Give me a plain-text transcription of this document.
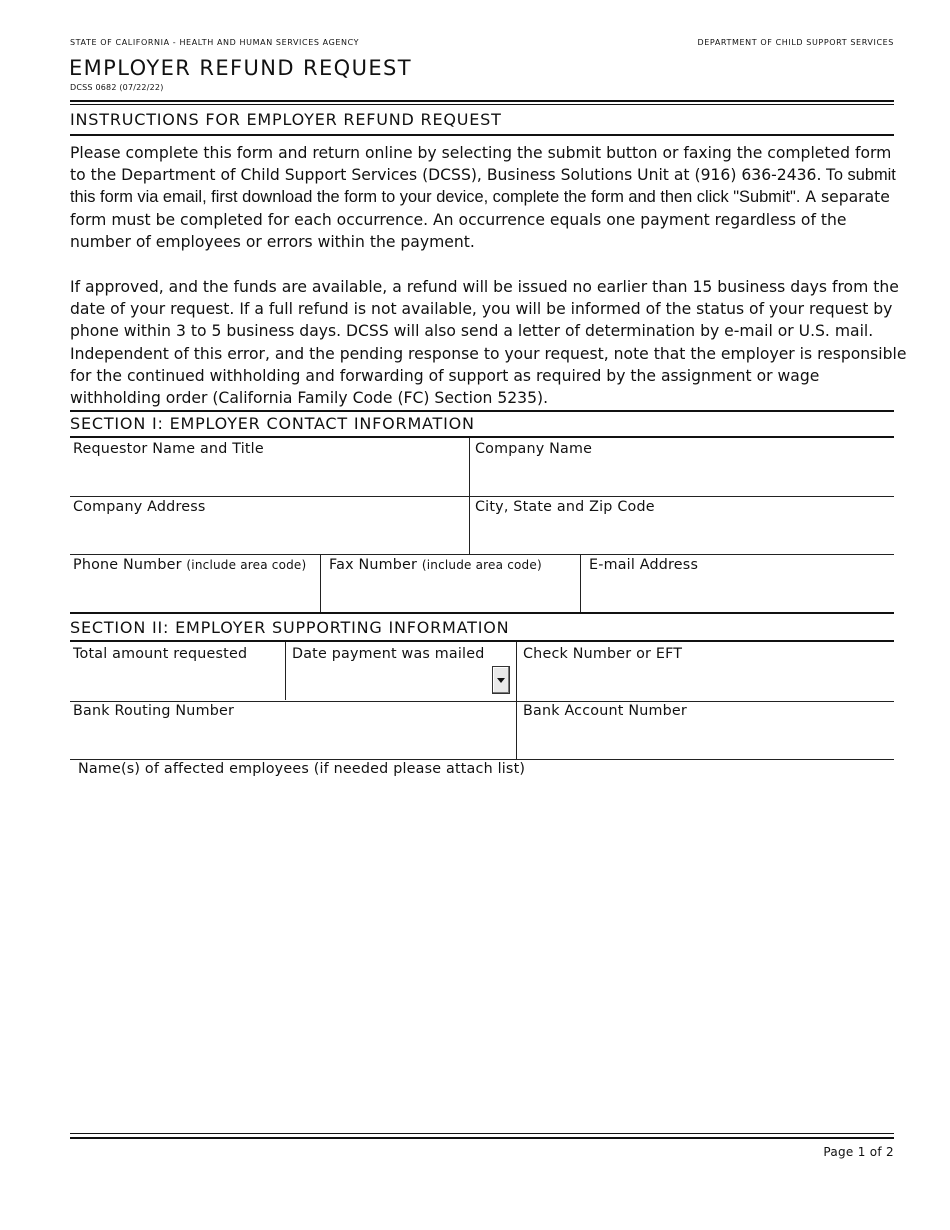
STATE OF CALIFORNIA - HEALTH AND HUMAN SERVICES AGENCY	DEPARTMENT OF CHILD SUPPORT SERVICES
EMPLOYER REFUND REQUEST
DCSS 0682 (07/22/22)
INSTRUCTIONS FOR EMPLOYER REFUND REQUEST

Please complete this form and return online by selecting the submit button or faxing the completed form to the Department of Child Support Services (DCSS), Business Solutions Unit at (916) 636-2436. To submit this form via email, first download the form to your device, complete the form and then click "Submit". A separate form must be completed for each occurrence. An occurrence equals one payment regardless of the number of employees or errors within the payment.

If approved, and the funds are available, a refund will be issued no earlier than 15 business days from the date of your request. If a full refund is not available, you will be informed of the status of your request by phone within 3 to 5 business days. DCSS will also send a letter of determination by e-mail or U.S. mail. Independent of this error, and the pending response to your request, note that the employer is responsible for the continued withholding and forwarding of support as required by the assignment or wage withholding order (California Family Code (FC) Section 5235).

SECTION I: EMPLOYER CONTACT INFORMATION
Requestor Name and Title	Company Name
Company Address	City, State and Zip Code
Phone Number (include area code) Fax Number (include area code)	E-mail Address
SECTION II: EMPLOYER SUPPORTING INFORMATION
Total amount requested	Date payment was mailed	Check Number or EFT
Bank Routing Number	Bank Account Number
Name(s) of affected employees (if needed please attach list)
Page 1 of 2
